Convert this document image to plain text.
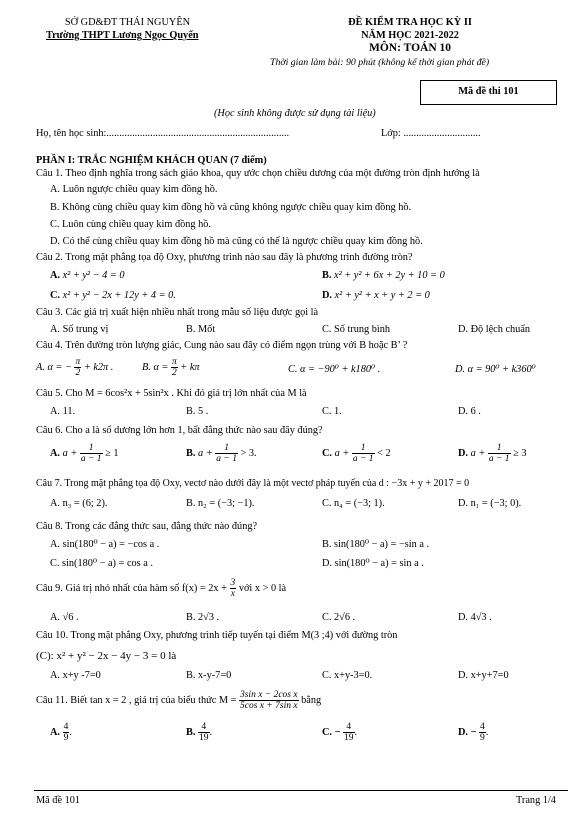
SỞ GD&ĐT THÁI NGUYÊN
Trường THPT Lương Ngọc Quyến
ĐỀ KIỂM TRA HỌC KỲ II
NĂM HỌC 2021-2022
MÔN: TOÁN 10
Thời gian làm bài: 90 phút (không kể thời gian phát đề)
Mã đề thi 101
(Học sinh không được sử dụng tài liệu)
Họ, tên học sinh:.......................................................................	Lớp: ..............................
PHẦN I: TRẮC NGHIỆM KHÁCH QUAN (7 điểm)
Câu 1. Theo định nghĩa trong sách giáo khoa, quy ước chọn chiều dương của một đường tròn định hướng là
A. Luôn ngược chiều quay kim đồng hồ.
B. Không cùng chiều quay kim đồng hồ và cũng không ngược chiều quay kim đồng hồ.
C. Luôn cùng chiều quay kim đồng hồ.
D. Có thể cùng chiều quay kim đồng hồ mà cũng có thể là ngược chiều quay kim đồng hồ.
Câu 2. Trong mặt phẳng tọa độ Oxy, phương trình nào sau đây là phương trình đường tròn?
A. x² + y² − 4 = 0	B. x² + y² + 6x + 2y + 10 = 0
C. x² + y² − 2x + 12y + 4 = 0.	D. x² + y² + x + y + 2 = 0
Câu 3. Các giá trị xuất hiện nhiều nhất trong mẫu số liệu được gọi là
A. Số trung vị	B. Mốt	C. Số trung bình	D. Độ lệch chuẩn
Câu 4. Trên đường tròn lượng giác, Cung nào sau đây có điểm ngọn trùng với B hoặc B’ ?
A. α = − $\frac{\pi}{2} + k2\pi$ .	B. $\alpha = \frac{\pi}{2} + k\pi$	C. α = −90⁰ + k180⁰ .	D. α = 90⁰ + k360⁰
Câu 5. Cho M = 6cos²x + 5sin²x . Khi đó giá trị lớn nhất của M là
A. 11.	B. 5 .	C. 1.	D. 6 .
Câu 6. Cho a là số dương lớn hơn 1, bất đẳng thức nào sau đây đúng?
A. $a + \frac{1}{a - 1} \ge 1$	B. $a + \frac{1}{a - 1} > 3$.	C. $a + \frac{1}{a - 1} < 2$	D. $a + \frac{1}{a - 1} \ge 3$
Câu 7. Trong mặt phẳng tọa độ Oxy, vectơ nào dưới đây là một vectơ pháp tuyến của d : −3x + y + 2017 = 0
A. n₃ = (6; 2).	B. n₂ = (−3; −1).	C. n₄ = (−3; 1).	D. n₁ = (−3; 0).
Câu 8. Trong các đẳng thức sau, đẳng thức nào đúng?
A. sin(180⁰ − a) = −cos a .	B. sin(180⁰ − a) = −sin a .
C. sin(180⁰ − a) = cos a .	D. sin(180⁰ − a) = sin a .
Câu 9. Giá trị nhỏ nhất của hàm số $f(x) = 2x + \frac{3}{x}$ với x > 0 là
A. √6 .	B. 2√3 .	C. 2√6 .	D. 4√3 .
Câu 10. Trong mặt phẳng Oxy, phương trình tiếp tuyến tại điểm M(3 ;4) với đường tròn
(C): x² + y² − 2x − 4y − 3 = 0 là
A. x+y -7=0	B. x-y-7=0	C. x+y-3=0.	D. x+y+7=0
Câu 11. Biết tan x = 2 , giá trị của biểu thức $M = \frac{\text{3sin x − 2cos x}}{\text{5cos x + 7sin x}}$ bằng
A. $\frac{4}{9}$ .	B. $\frac{4}{19}$ .	C. − $\frac{4}{19}$ .	D. − $\frac{4}{9}$ .
Mã đề 101	Trang 1/4
